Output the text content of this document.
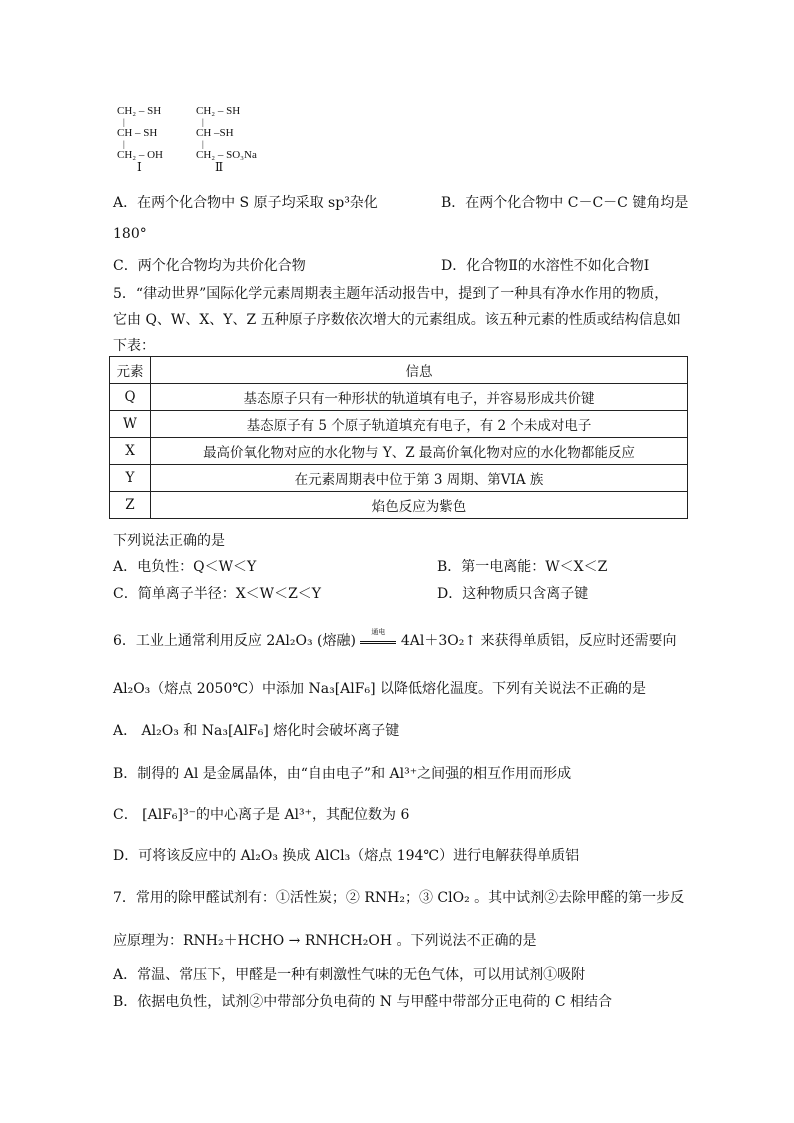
CH₂ – SH
|
CH – SH
|
CH₂ – OH
Ⅰ
CH₂ – SH
|
CH –SH
|
CH₂ – SO₃Na
Ⅱ
A．在两个化合物中 S 原子均采取 sp³杂化	B．在两个化合物中 C－C－C 键角均是
180°
C．两个化合物均为共价化合物	D．化合物Ⅱ的水溶性不如化合物Ⅰ
5．“律动世界”国际化学元素周期表主题年活动报告中，提到了一种具有净水作用的物质，
它由 Q、W、X、Y、Z 五种原子序数依次增大的元素组成。该五种元素的性质或结构信息如
下表：
元素	信息
Q	基态原子只有一种形状的轨道填有电子，并容易形成共价键
W	基态原子有 5 个原子轨道填充有电子，有 2 个未成对电子
X	最高价氧化物对应的水化物与 Y、Z 最高价氧化物对应的水化物都能反应
Y	在元素周期表中位于第 3 周期、第VIA 族
Z	焰色反应为紫色
下列说法正确的是
A．电负性：Q＜W＜Y	B．第一电离能：W＜X＜Z
C．简单离子半径：X＜W＜Z＜Y	D．这种物质只含离子键
6．工业上通常利用反应 2Al₂O₃ (熔融)
通电
4Al＋3O₂↑ 来获得单质铝，反应时还需要向
Al₂O₃（熔点 2050℃）中添加 Na₃[AlF₆] 以降低熔化温度。下列有关说法不正确的是
A． Al₂O₃ 和 Na₃[AlF₆] 熔化时会破坏离子键
B．制得的 Al 是金属晶体，由“自由电子”和 Al³⁺之间强的相互作用而形成
C． [AlF₆]³⁻的中心离子是 Al³⁺，其配位数为 6
D．可将该反应中的 Al₂O₃ 换成 AlCl₃（熔点 194℃）进行电解获得单质铝
7．常用的除甲醛试剂有：①活性炭；② RNH₂；③ ClO₂ 。其中试剂②去除甲醛的第一步反
应原理为：RNH₂＋HCHO → RNHCH₂OH 。下列说法不正确的是
A．常温、常压下，甲醛是一种有刺激性气味的无色气体，可以用试剂①吸附
B．依据电负性，试剂②中带部分负电荷的 N 与甲醛中带部分正电荷的 C 相结合
